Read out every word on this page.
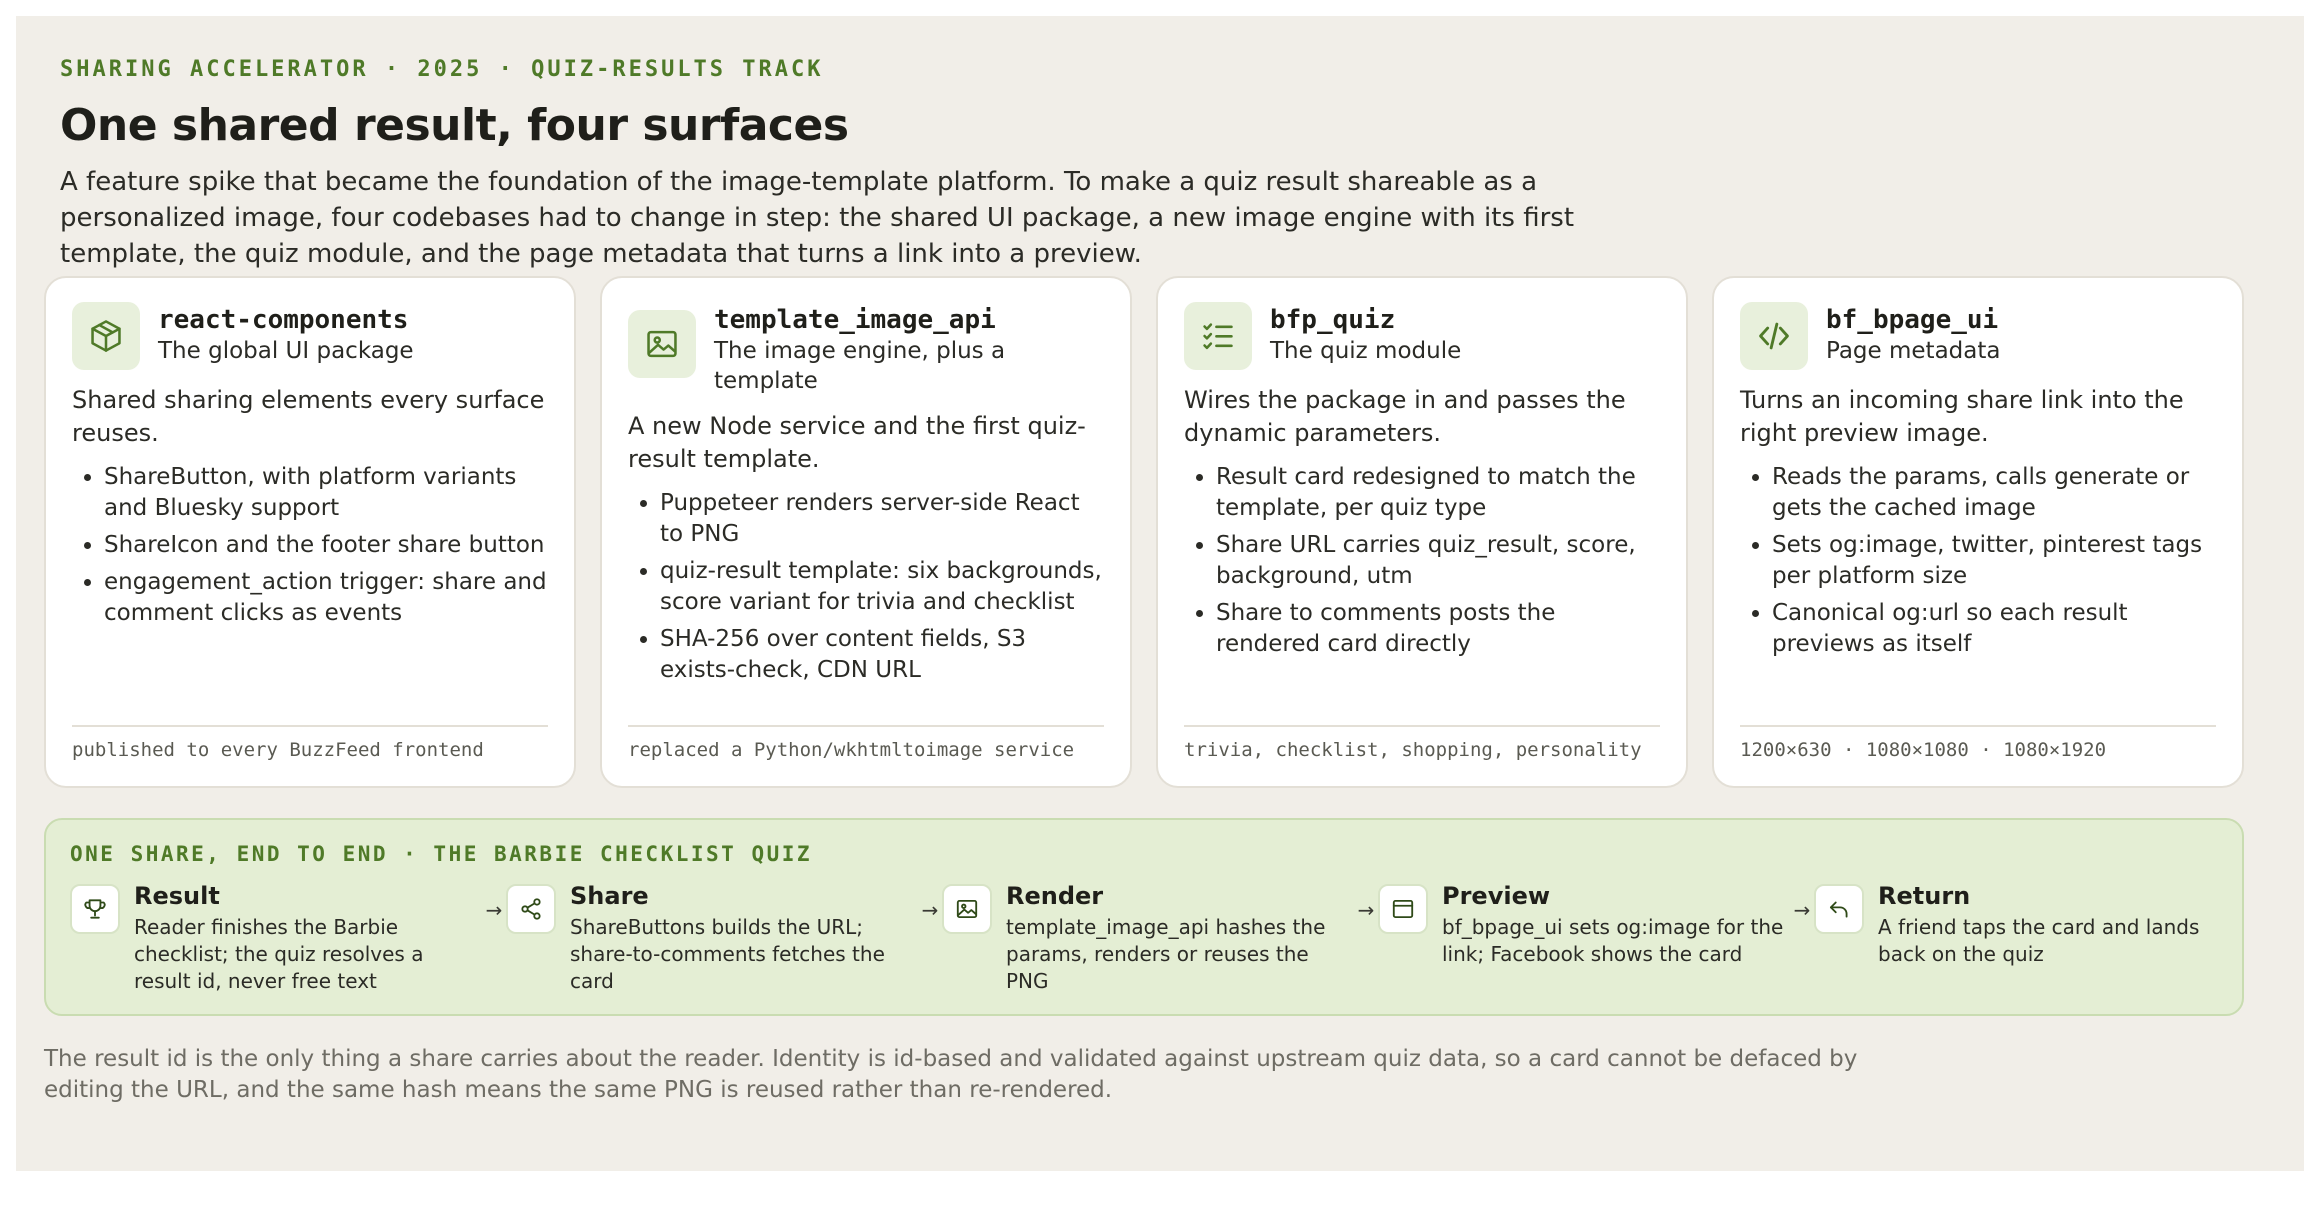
SHARING ACCELERATOR · 2025 · QUIZ-RESULTS TRACK

One shared result, four surfaces

A feature spike that became the foundation of the image-template platform. To make a quiz result shareable as a personalized image, four codebases had to change in step: the shared UI package, a new image engine with its first template, the quiz module, and the page metadata that turns a link into a preview.

react-components
The global UI package

Shared sharing elements every surface reuses.

• ShareButton, with platform variants and Bluesky support
• ShareIcon and the footer share button
• engagement_action trigger: share and comment clicks as events
published to every BuzzFeed frontend
template_image_api
The image engine, plus a template

A new Node service and the first quiz-result template.

• Puppeteer renders server-side React to PNG
• quiz-result template: six backgrounds, score variant for trivia and checklist
• SHA-256 over content fields, S3 exists-check, CDN URL
replaced a Python/wkhtmltoimage service
bfp_quiz
The quiz module

Wires the package in and passes the dynamic parameters.

• Result card redesigned to match the template, per quiz type
• Share URL carries quiz_result, score, background, utm
• Share to comments posts the rendered card directly
trivia, checklist, shopping, personality
bf_bpage_ui
Page metadata

Turns an incoming share link into the right preview image.

• Reads the params, calls generate or gets the cached image
• Sets og:image, twitter, pinterest tags per platform size
• Canonical og:url so each result previews as itself
1200×630 · 1080×1080 · 1080×1920
ONE SHARE, END TO END · THE BARBIE CHECKLIST QUIZ
Result
Reader finishes the Barbie checklist; the quiz resolves a result id, never free text
→	Share
ShareButtons builds the URL; share-to-comments fetches the card
→	Render
template_image_api hashes the params, renders or reuses the PNG
→	Preview
bf_bpage_ui sets og:image for the link; Facebook shows the card
→	Return
A friend taps the card and lands back on the quiz

The result id is the only thing a share carries about the reader. Identity is id-based and validated against upstream quiz data, so a card cannot be defaced by editing the URL, and the same hash means the same PNG is reused rather than re-rendered.
